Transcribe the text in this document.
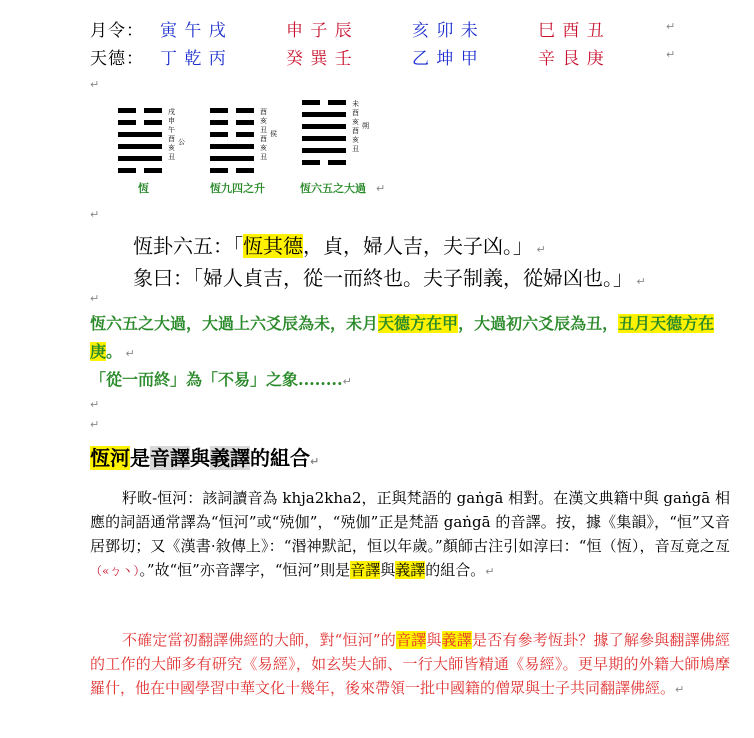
月令： 寅 午 戌	申 子 辰	亥 卯 未	巳 酉 丑	↵
天德： 丁 乾 丙	癸 巽 壬	乙 坤 甲	辛 艮 庚	↵
↵
戌申午酉亥丑
公
恆
酉亥丑酉亥丑
侯
恆九四之升
未酉亥酉亥丑
朔
恆六五之大過 ↵
↵
恆卦六五：「恆其德，貞，婦人吉，夫子凶。」 ↵
象曰：「婦人貞吉，從一而終也。夫子制義，從婦凶也。」 ↵
↵
恆六五之大過，大過上六爻辰為未，未月天德方在甲，大過初六爻辰為丑，丑月天德方在庚。 ↵
「從一而終」為「不易」之象........↵
↵
↵
恆河是音譯與義譯的組合↵
籽畋-恒河：該詞讀音為 khja2kha2，正與梵語的 gaṅgā 相對。在漢文典籍中與 gaṅgā 相應的詞語通常譯為“恒河”或“殑伽”，“殑伽”正是梵語 gaṅgā 的音譯。按，據《集韻》，“恒”又音居鄧切；又《漢書·敘傳上》：“湣神默記，恒以年歲。”顏師古注引如淳曰：“恒（恆），音亙竟之亙（«ㄅ丶）。”故“恒”亦音譯字，“恒河”則是音譯與義譯的組合。↵
不確定當初翻譯佛經的大師，對“恒河”的音譯與義譯是否有參考恆卦？據了解參與翻譯佛經的工作的大師多有研究《易經》，如玄奘大師、一行大師皆精通《易經》。更早期的外籍大師鳩摩羅什，他在中國學習中華文化十幾年，後來帶領一批中國籍的僧眾與士子共同翻譯佛經。↵
